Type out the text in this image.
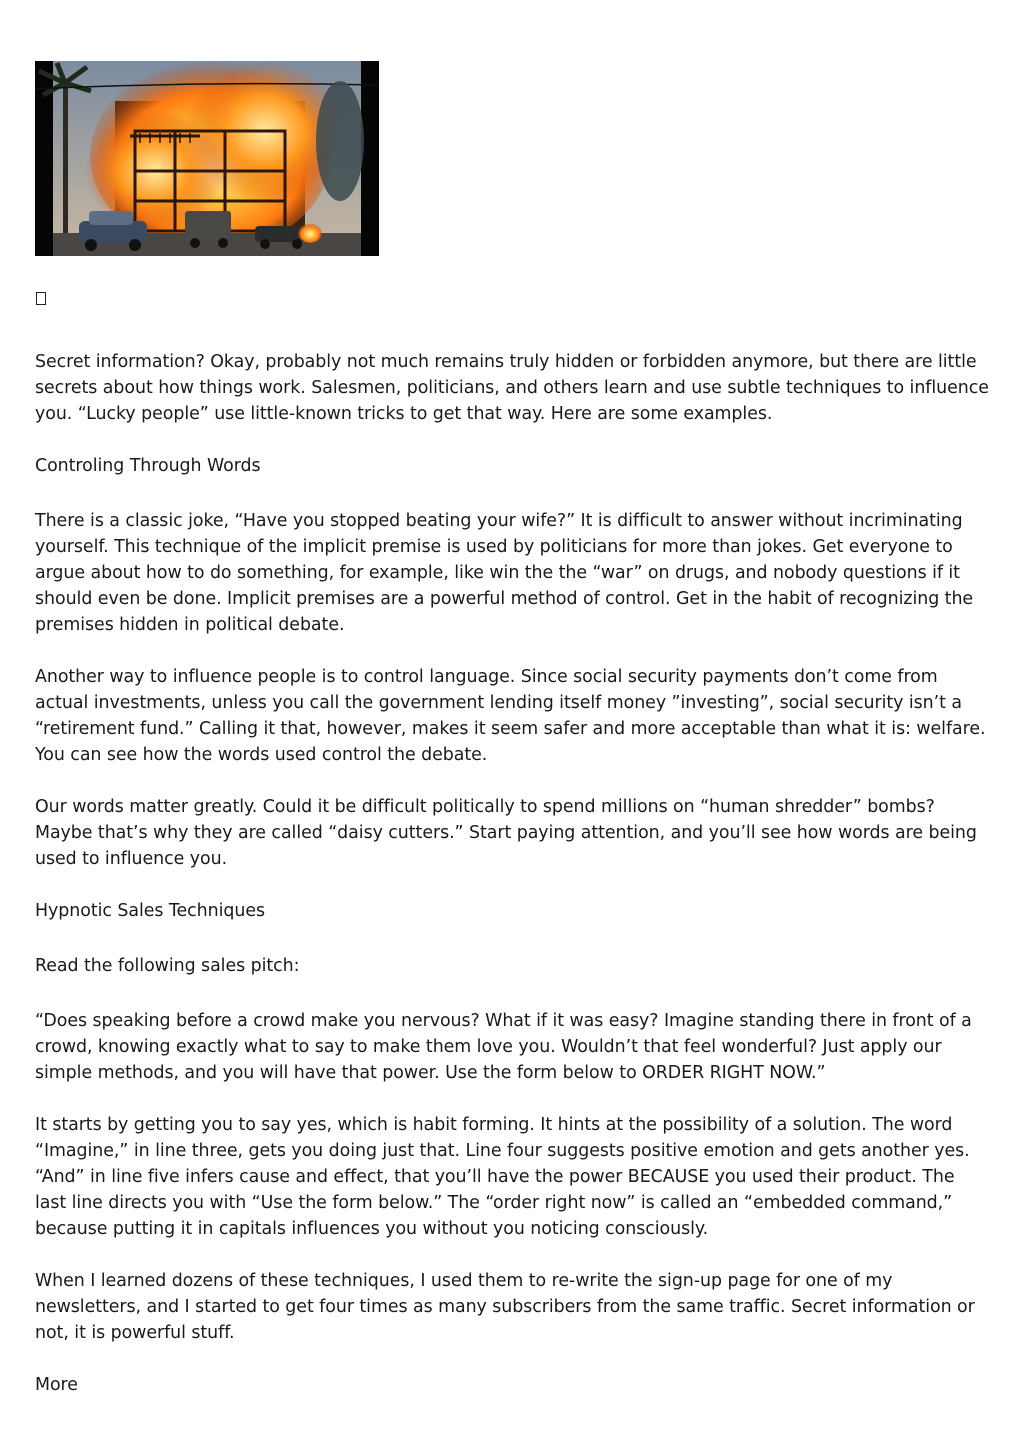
Secret information? Okay, probably not much remains truly hidden or forbidden anymore, but there are little secrets about how things work. Salesmen, politicians, and others learn and use subtle techniques to influence you. “Lucky people” use little-known tricks to get that way. Here are some examples.

Controling Through Words

There is a classic joke, “Have you stopped beating your wife?” It is difficult to answer without incriminating yourself. This technique of the implicit premise is used by politicians for more than jokes. Get everyone to argue about how to do something, for example, like win the the “war” on drugs, and nobody questions if it should even be done. Implicit premises are a powerful method of control. Get in the habit of recognizing the premises hidden in political debate.

Another way to influence people is to control language. Since social security payments don’t come from actual investments, unless you call the government lending itself money ”investing”, social security isn’t a “retirement fund.” Calling it that, however, makes it seem safer and more acceptable than what it is: welfare. You can see how the words used control the debate.

Our words matter greatly. Could it be difficult politically to spend millions on “human shredder” bombs? Maybe that’s why they are called “daisy cutters.” Start paying attention, and you’ll see how words are being used to influence you.

Hypnotic Sales Techniques

Read the following sales pitch:

“Does speaking before a crowd make you nervous? What if it was easy? Imagine standing there in front of a crowd, knowing exactly what to say to make them love you. Wouldn’t that feel wonderful? Just apply our simple methods, and you will have that power. Use the form below to ORDER RIGHT NOW.”

It starts by getting you to say yes, which is habit forming. It hints at the possibility of a solution. The word “Imagine,” in line three, gets you doing just that. Line four suggests positive emotion and gets another yes. “And” in line five infers cause and effect, that you’ll have the power BECAUSE you used their product. The last line directs you with “Use the form below.” The “order right now” is called an “embedded command,” because putting it in capitals influences you without you noticing consciously.

When I learned dozens of these techniques, I used them to re-write the sign-up page for one of my newsletters, and I started to get four times as many subscribers from the same traffic. Secret information or not, it is powerful stuff.

More
